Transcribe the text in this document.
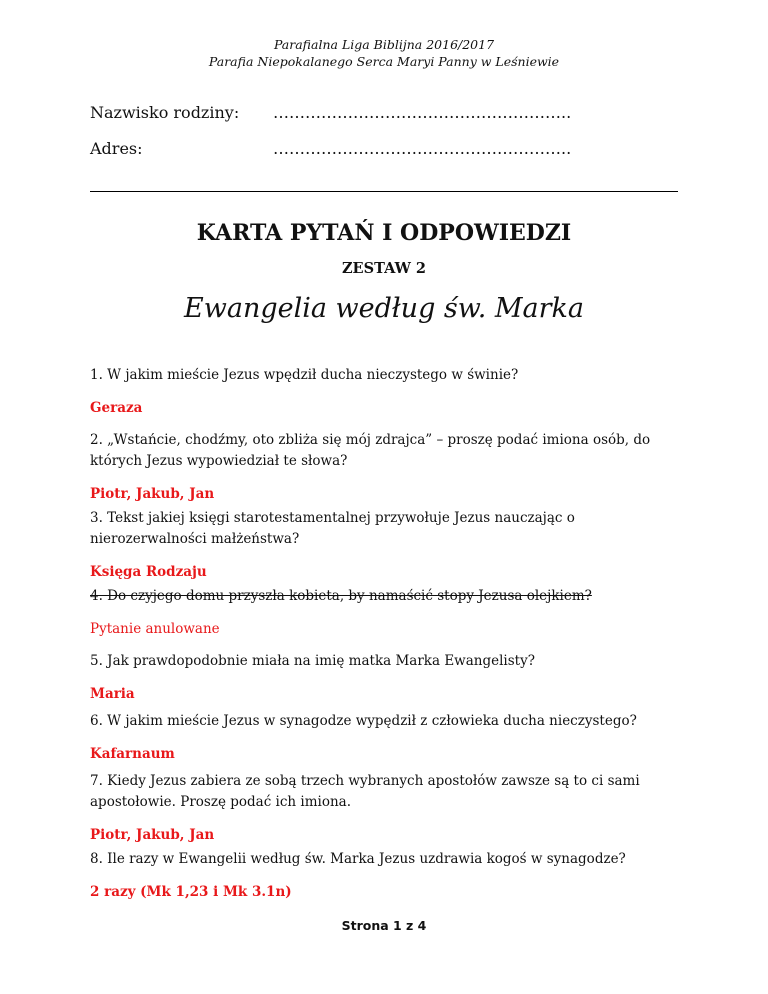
Parafialna Liga Biblijna 2016/2017
Parafia Niepokalanego Serca Maryi Panny w Leśniewie
Nazwisko rodziny: ………………………………………………..
Adres:	………………………………………………..
KARTA PYTAŃ I ODPOWIEDZI
ZESTAW 2
Ewangelia według św. Marka
1. W jakim mieście Jezus wpędził ducha nieczystego w świnie?
Geraza
2. „Wstańcie, chodźmy, oto zbliża się mój zdrajca” – proszę podać imiona osób, do których Jezus wypowiedział te słowa?
Piotr, Jakub, Jan
3. Tekst jakiej księgi starotestamentalnej przywołuje Jezus nauczając o nierozerwalności małżeństwa?
Księga Rodzaju
4. Do czyjego domu przyszła kobieta, by namaścić stopy Jezusa olejkiem?
Pytanie anulowane
5. Jak prawdopodobnie miała na imię matka Marka Ewangelisty?
Maria
6. W jakim mieście Jezus w synagodze wypędził z człowieka ducha nieczystego?
Kafarnaum
7. Kiedy Jezus zabiera ze sobą trzech wybranych apostołów zawsze są to ci sami apostołowie. Proszę podać ich imiona.
Piotr, Jakub, Jan
8. Ile razy w Ewangelii według św. Marka Jezus uzdrawia kogoś w synagodze?
2 razy (Mk 1,23 i Mk 3.1n)
Strona 1 z 4
